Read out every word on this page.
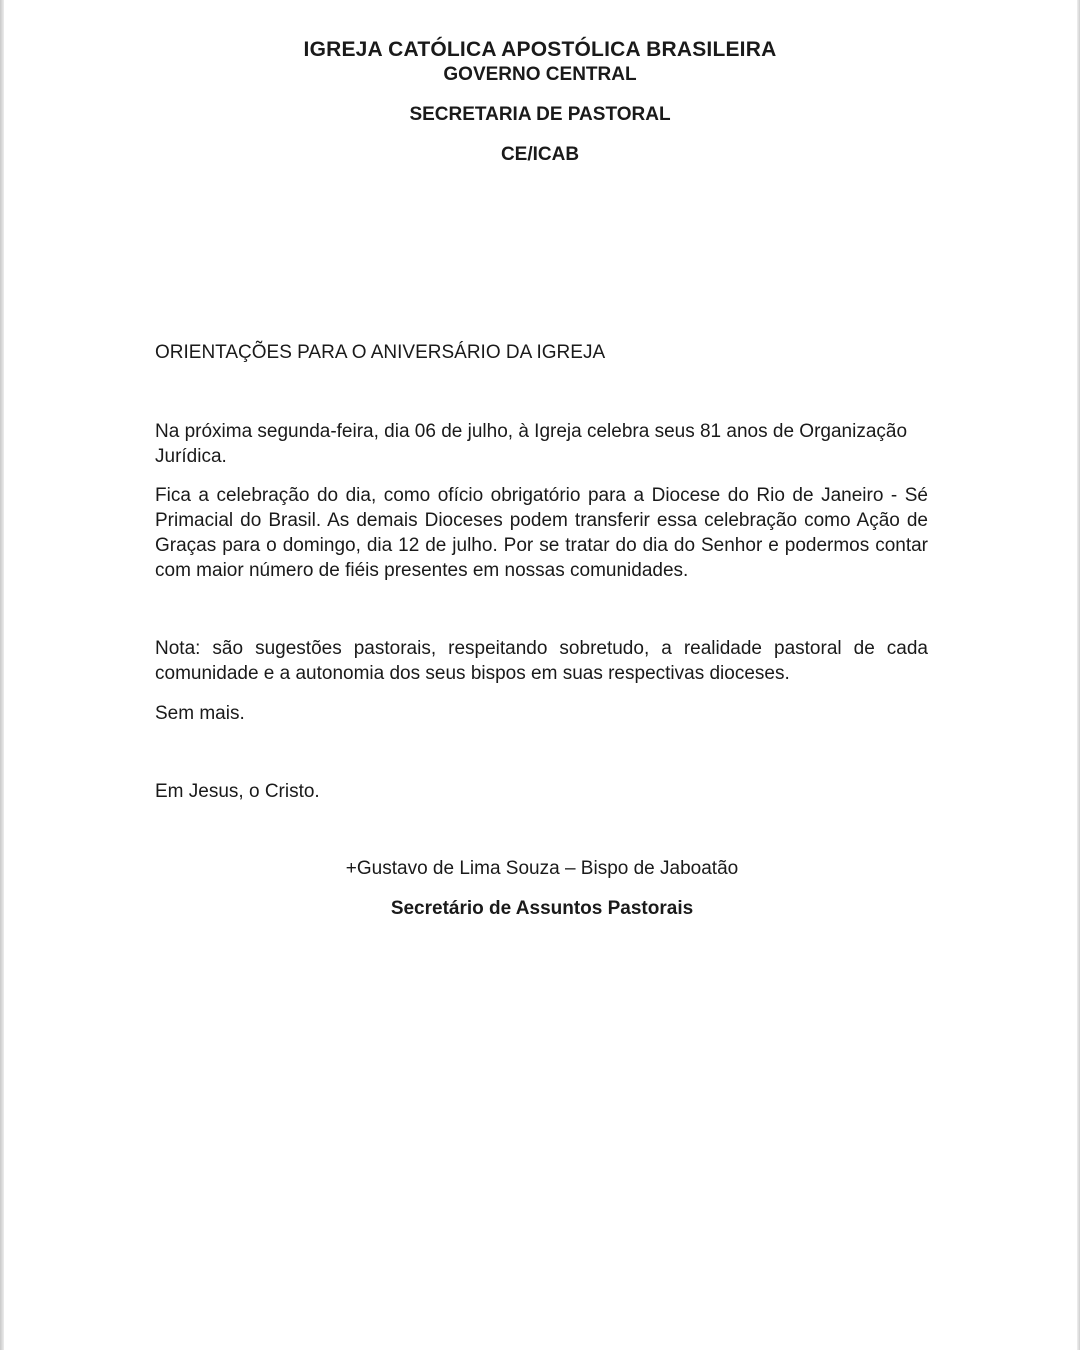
IGREJA CATÓLICA APOSTÓLICA BRASILEIRA

GOVERNO CENTRAL

SECRETARIA DE PASTORAL

CE/ICAB

ORIENTAÇÕES PARA O ANIVERSÁRIO DA IGREJA

Na próxima segunda-feira, dia 06 de julho, à Igreja celebra seus 81 anos de Organização Jurídica.

Fica a celebração do dia, como ofício obrigatório para a Diocese do Rio de Janeiro - Sé Primacial do Brasil. As demais Dioceses podem transferir essa celebração como Ação de Graças para o domingo, dia 12 de julho. Por se tratar do dia do Senhor e podermos contar com maior número de fiéis presentes em nossas comunidades.

Nota: são sugestões pastorais, respeitando sobretudo, a realidade pastoral de cada comunidade e a autonomia dos seus bispos em suas respectivas dioceses.

Sem mais.

Em Jesus, o Cristo.

+Gustavo de Lima Souza – Bispo de Jaboatão

Secretário de Assuntos Pastorais
